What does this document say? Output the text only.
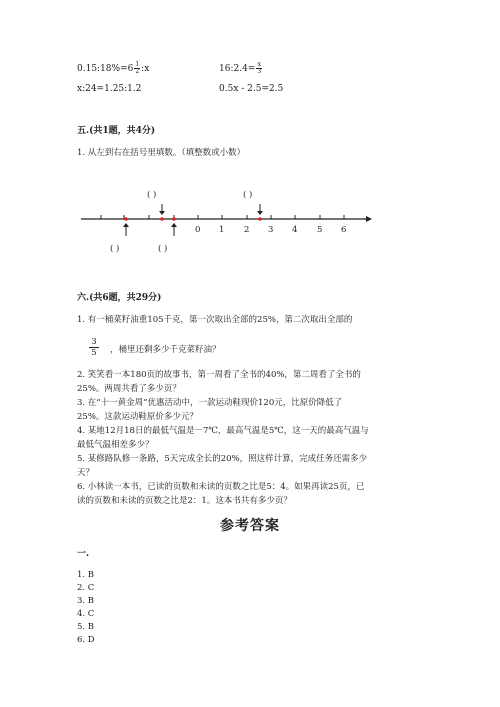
0.15:18%=6 $\frac{1}{2}$ :x	16:2.4= $\frac{x}{3}$
x:24=1.25:1.2	0.5x - 2.5=2.5
五.(共1题，共4分)
1. 从左到右在括号里填数。（填整数或小数）
0 1 2 3 4 5 6
( )	( )
( )	( )
六.(共6题，共29分)
1. 有一桶菜籽油重105千克，第一次取出全部的25%，第二次取出全部的
$\frac{3}{5}$ ，桶里还剩多少千克菜籽油？
2. 笑笑看一本180页的故事书，第一周看了全书的40%，第二周看了全书的
25%。两周共看了多少页？
3. 在“十一黄金周”优惠活动中，一款运动鞋现价120元，比原价降低了
25%。这款运动鞋原价多少元？
4. 某地12月18日的最低气温是－7℃，最高气温是5℃，这一天的最高气温与
最低气温相差多少？
5. 某修路队修一条路，5天完成全长的20%，照这样计算，完成任务还需多少
天？
6. 小林读一本书，已读的页数和未读的页数之比是5：4。如果再读25页，已
读的页数和未读的页数之比是2：1。这本书共有多少页？
参考答案
一.
1. B
2. C
3. B
4. C
5. B
6. D
